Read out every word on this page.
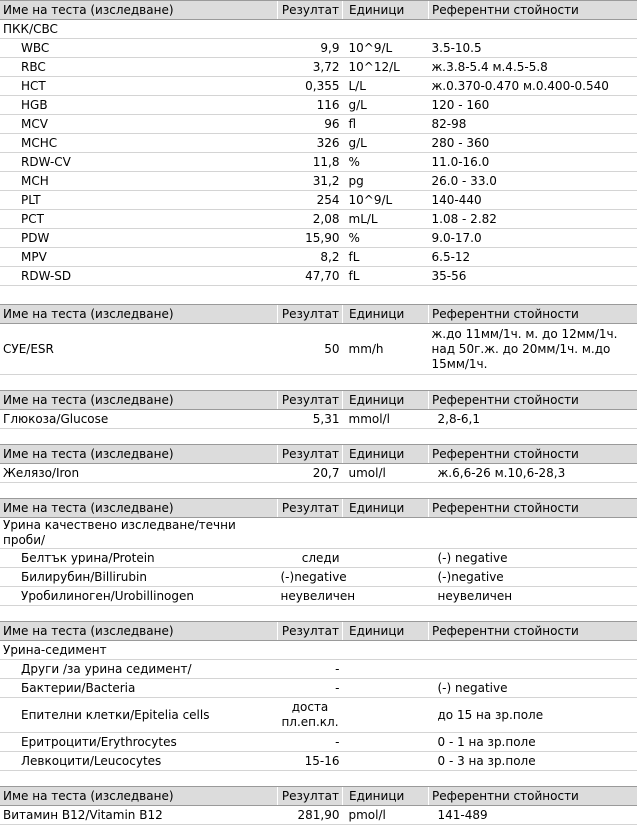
Име на теста (изследване)	Резултат	Единици	Референтни стойности
ПКК/CBC			
WBC	9,9	10^9/L	3.5-10.5
RBC	3,72	10^12/L	ж.3.8-5.4 м.4.5-5.8
HCT	0,355	L/L	ж.0.370-0.470 м.0.400-0.540
HGB	116	g/L	120 - 160
MCV	96	fl	82-98
MCHC	326	g/L	280 - 360
RDW-CV	11,8	%	11.0-16.0
MCH	31,2	pg	26.0 - 33.0
PLT	254	10^9/L	140-440
PCT	2,08	mL/L	1.08 - 2.82
PDW	15,90	%	9.0-17.0
MPV	8,2	fL	6.5-12
RDW-SD	47,70	fL	35-56
Име на теста (изследване)	Резултат	Единици	Референтни стойности
СУЕ/ESR	50	mm/h	ж.до 11мм/1ч. м. до 12мм/1ч. над 50г.ж. до 20мм/1ч. м.до 15мм/1ч.
Име на теста (изследване)	Резултат	Единици	Референтни стойности
Глюкоза/Glucose	5,31	mmol/l	2,8-6,1
Име на теста (изследване)	Резултат	Единици	Референтни стойности
Желязо/Iron	20,7	umol/l	ж.6,6-26 м.10,6-28,3
Име на теста (изследване)	Резултат	Единици	Референтни стойности
Урина качествено изследване/течни проби/			
Белтък урина/Protein	следи		(-) negative
Билирубин/Billirubin	(-)negative		(-)negative
Уробилиноген/Urobillinogen	неувеличен		неувеличен
Име на теста (изследване)	Резултат	Единици	Референтни стойности
Урина-седимент			
Други /за урина седимент/	-		
Бактерии/Bacteria	-		(-) negative
Епителни клетки/Epitelia cells	доста пл.еп.кл.		до 15 на зр.поле
Еритроцити/Erythrocytes	-		0 - 1 на зр.поле
Левкоцити/Leucocytes	15-16		0 - 3 на зр.поле
Име на теста (изследване)	Резултат	Единици	Референтни стойности
Витамин B12/Vitamin B12	281,90	pmol/l	141-489
